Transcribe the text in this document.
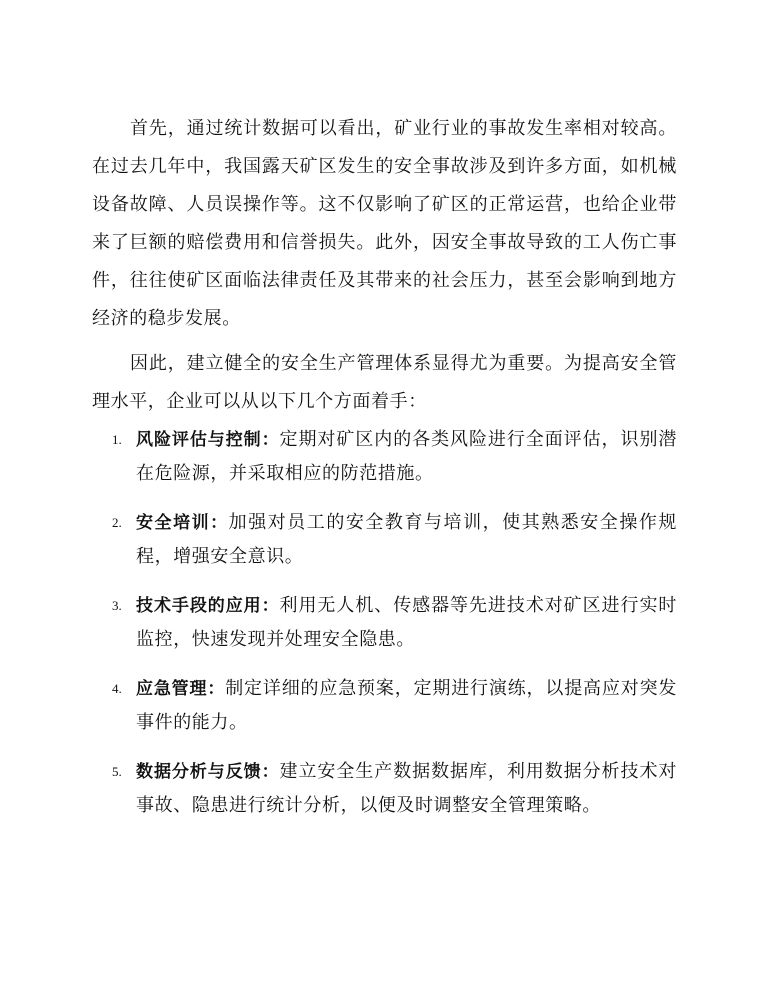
首先，通过统计数据可以看出，矿业行业的事故发生率相对较高。在过去几年中，我国露天矿区发生的安全事故涉及到许多方面，如机械设备故障、人员误操作等。这不仅影响了矿区的正常运营，也给企业带来了巨额的赔偿费用和信誉损失。此外，因安全事故导致的工人伤亡事件，往往使矿区面临法律责任及其带来的社会压力，甚至会影响到地方经济的稳步发展。

因此，建立健全的安全生产管理体系显得尤为重要。为提高安全管理水平，企业可以从以下几个方面着手：

1. 风险评估与控制：定期对矿区内的各类风险进行全面评估，识别潜在危险源，并采取相应的防范措施。
2. 安全培训：加强对员工的安全教育与培训，使其熟悉安全操作规程，增强安全意识。
3. 技术手段的应用：利用无人机、传感器等先进技术对矿区进行实时监控，快速发现并处理安全隐患。
4. 应急管理：制定详细的应急预案，定期进行演练，以提高应对突发事件的能力。
5. 数据分析与反馈：建立安全生产数据数据库，利用数据分析技术对事故、隐患进行统计分析，以便及时调整安全管理策略。
